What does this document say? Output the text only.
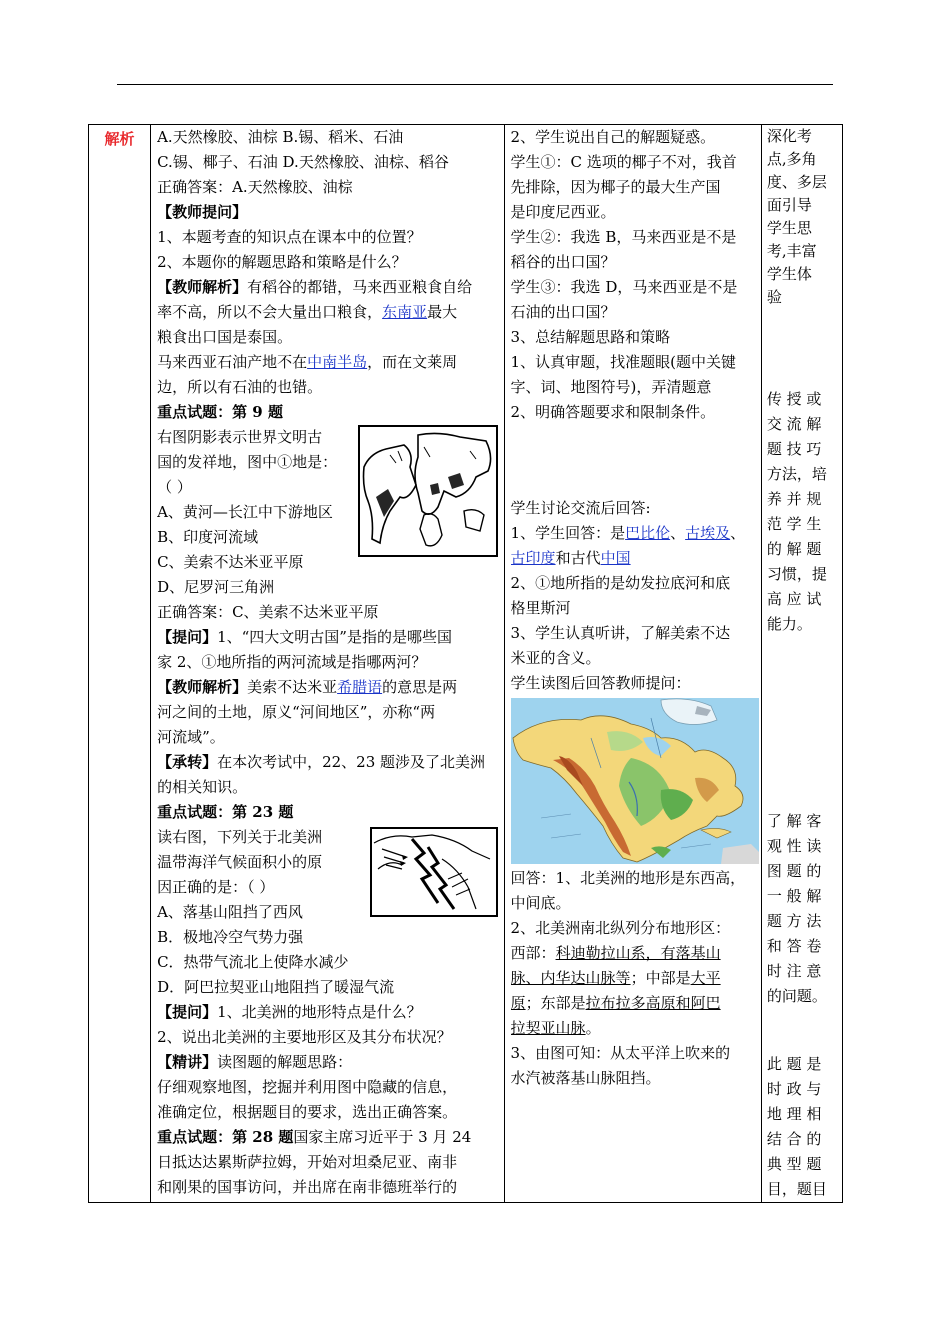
解析	A.天然橡胶、油棕 B.锡、稻米、石油
C.锡、椰子、石油 D.天然橡胶、油棕、稻谷
正确答案：A.天然橡胶、油棕
【教师提问】
1、本题考查的知识点在课本中的位置？
2、本题你的解题思路和策略是什么？
【教师解析】有稻谷的都错，马来西亚粮食自给
率不高，所以不会大量出口粮食，东南亚最大
粮食出口国是泰国。
马来西亚石油产地不在中南半岛，而在文莱周
边，所以有石油的也错。
重点试题：第 9 题
右图阴影表示世界文明古
国的发祥地，图中①地是：
（ ）
A、黄河—长江中下游地区
B、印度河流域
C、美索不达米亚平原
D、尼罗河三角洲
正确答案：C、美索不达米亚平原
【提问】1、“四大文明古国”是指的是哪些国
家 2、①地所指的两河流域是指哪两河？
【教师解析】美索不达米亚希腊语的意思是两
河之间的土地，原义“河间地区”，亦称“两
河流域”。
【承转】在本次考试中，22、23 题涉及了北美洲
的相关知识。
重点试题：第 23 题
读右图，下列关于北美洲
温带海洋气候面积小的原
因正确的是：（ ）
A、落基山阻挡了西风
B．极地冷空气势力强
C．热带气流北上使降水减少
D．阿巴拉契亚山地阻挡了暖湿气流
【提问】1、北美洲的地形特点是什么？
2、说出北美洲的主要地形区及其分布状况？
【精讲】读图题的解题思路：
仔细观察地图，挖掘并利用图中隐藏的信息，
准确定位，根据题目的要求，选出正确答案。
重点试题：第 28 题国家主席习近平于 3 月 24
日抵达达累斯萨拉姆，开始对坦桑尼亚、南非
和刚果的国事访问，并出席在南非德班举行的

2、学生说出自己的解题疑惑。
学生①：C 选项的椰子不对，我首
先排除，因为椰子的最大生产国
是印度尼西亚。
学生②：我选 B，马来西亚是不是
稻谷的出口国？
学生③：我选 D，马来西亚是不是
石油的出口国？
3、总结解题思路和策略
1、认真审题，找准题眼(题中关键
字、词、地图符号)，弄清题意
2、明确答题要求和限制条件。
学生讨论交流后回答:
1、学生回答：是巴比伦、古埃及、
古印度和古代中国
2、①地所指的是幼发拉底河和底
格里斯河
3、学生认真听讲，了解美索不达
米亚的含义。
学生读图后回答教师提问：
回答：1、北美洲的地形是东西高，
中间底。
2、北美洲南北纵列分布地形区：
西部：科迪勒拉山系，有落基山
脉、内华达山脉等；中部是大平
原；东部是拉布拉多高原和阿巴
拉契亚山脉。
3、由图可知：从太平洋上吹来的
水汽被落基山脉阻挡。

深化考
点,多角
度、多层
面引导
学生思
考,丰富
学生体
验
传 授 或
交 流 解
题 技 巧
方法，培
养 并 规
范 学 生
的 解 题
习惯，提
高 应 试
能力。
了 解 客
观 性 读
图 题 的
一 般 解
题 方 法
和 答 卷
时 注 意
的问题。
此 题 是
时 政 与
地 理 相
结 合 的
典 型 题
目，题目
